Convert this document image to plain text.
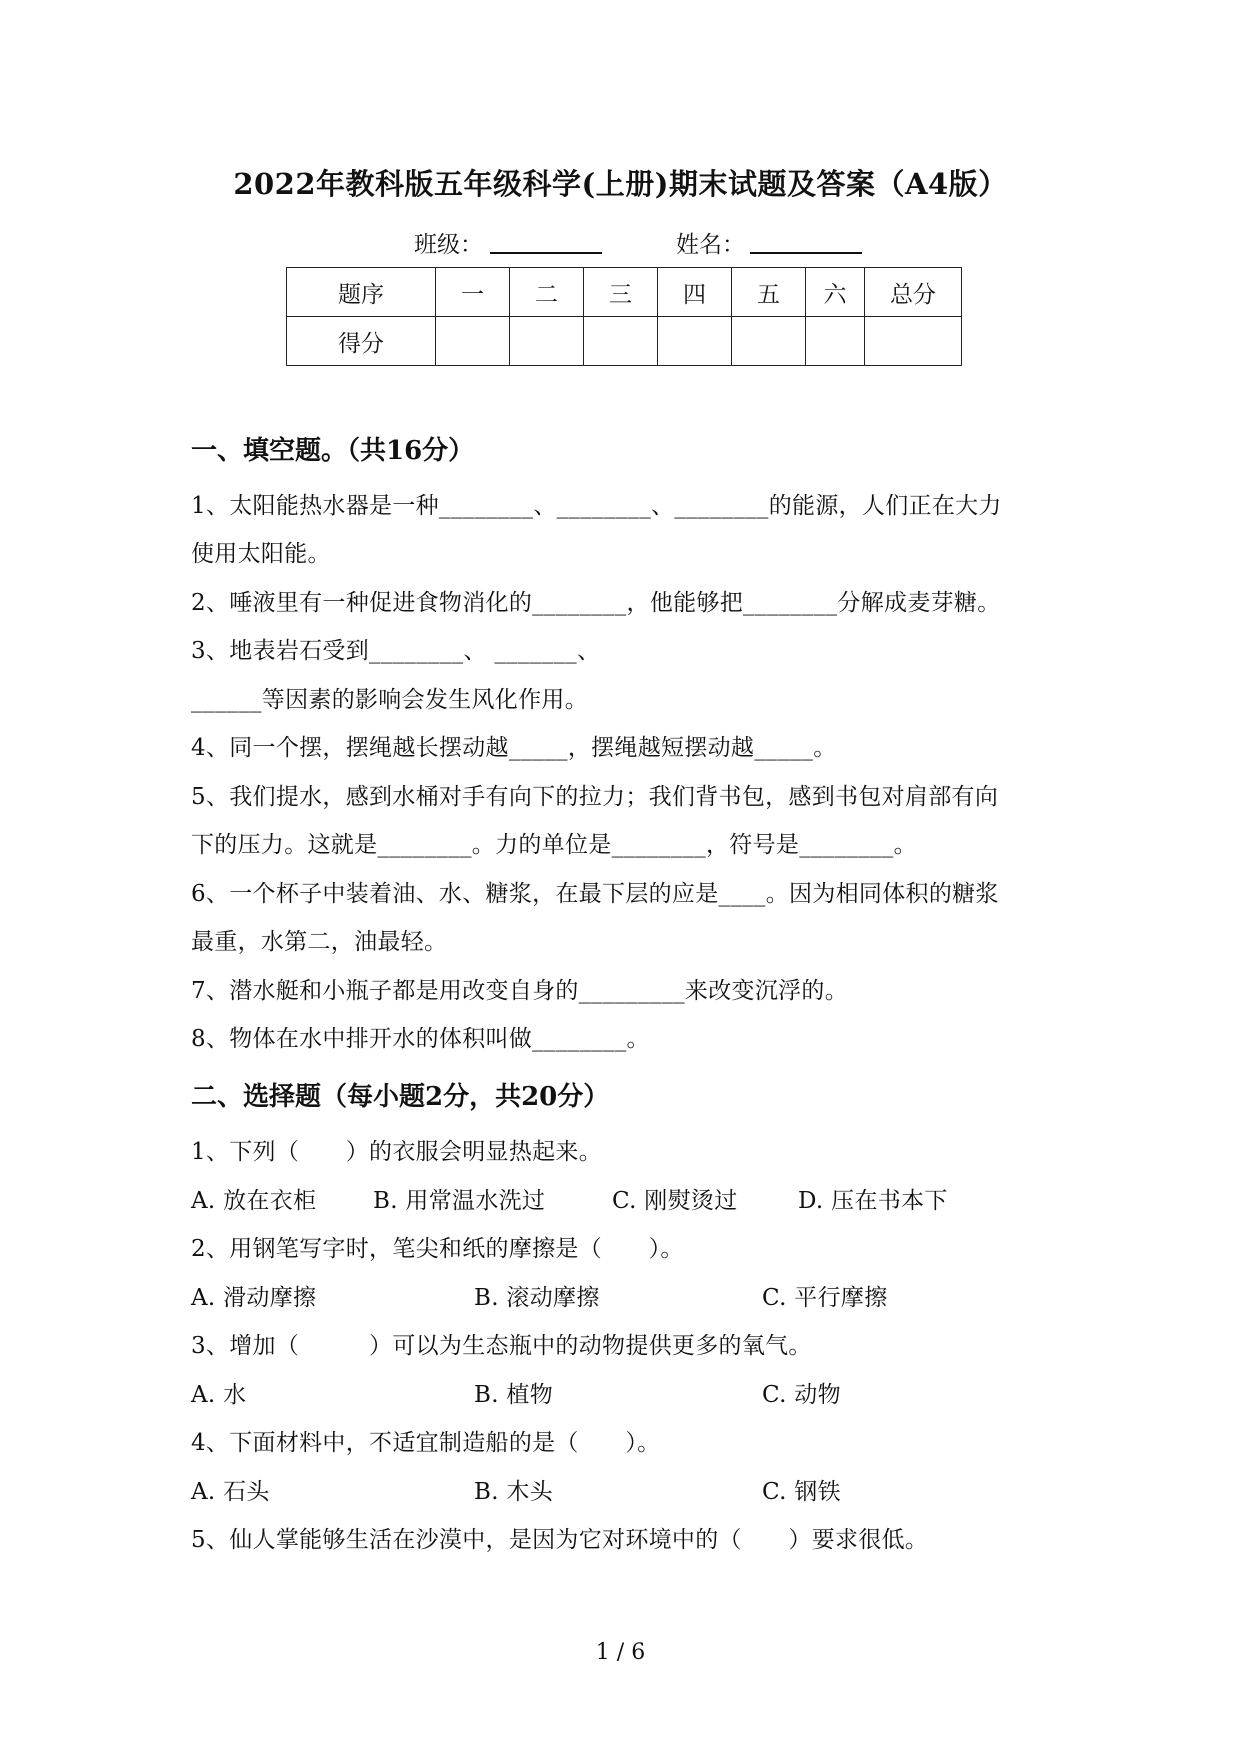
2022年教科版五年级科学(上册)期末试题及答案（A4版）
班级：	姓名：
题序	一	二	三	四	五	六	总分
得分							
一、填空题。（共16分）
1、太阳能热水器是一种________、________、________的能源，人们正在大力
使用太阳能。
2、唾液里有一种促进食物消化的________，他能够把________分解成麦芽糖。
3、地表岩石受到________、 _______、
______等因素的影响会发生风化作用。
4、同一个摆，摆绳越长摆动越_____，摆绳越短摆动越_____。
5、我们提水，感到水桶对手有向下的拉力；我们背书包，感到书包对肩部有向
下的压力。这就是________。力的单位是________，符号是________。
6、一个杯子中装着油、水、糖浆，在最下层的应是____。因为相同体积的糖浆
最重，水第二，油最轻。
7、潜水艇和小瓶子都是用改变自身的_________来改变沉浮的。
8、物体在水中排开水的体积叫做________。
二、选择题（每小题2分，共20分）
1、下列（　　）的衣服会明显热起来。
A. 放在衣柜 B. 用常温水洗过	C. 刚熨烫过	D. 压在书本下
2、用钢笔写字时，笔尖和纸的摩擦是（　　）。
A. 滑动摩擦	B. 滚动摩擦	C. 平行摩擦
3、增加（　　　）可以为生态瓶中的动物提供更多的氧气。
A. 水	B. 植物	C. 动物
4、下面材料中，不适宜制造船的是（　　）。
A. 石头	B. 木头	C. 钢铁
5、仙人掌能够生活在沙漠中，是因为它对环境中的（　　）要求很低。
1 / 6
